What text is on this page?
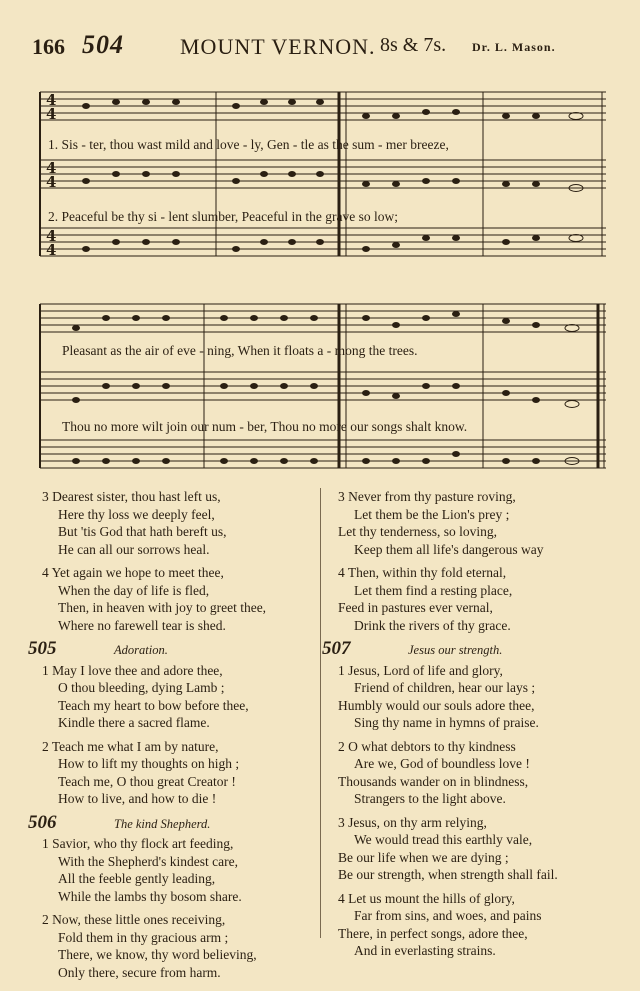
166 504	MOUNT VERNON. 8s & 7s. Dr. L. Mason.
4
4
4
4
4
4
1. Sis - ter, thou wast mild and love - ly, Gen - tle as the sum - mer breeze,
2. Peaceful be thy si - lent slumber, Peaceful in the grave so low;
Pleasant as the air of eve - ning, When it floats a - mong the trees.
Thou no more wilt join our num - ber, Thou no more our songs shalt know.
3 Dearest sister, thou hast left us,
Here thy loss we deeply feel,
But 'tis God that hath bereft us,
He can all our sorrows heal.
4 Yet again we hope to meet thee,
When the day of life is fled,
Then, in heaven with joy to greet thee,
Where no farewell tear is shed.
505	Adoration.
1 May I love thee and adore thee,
O thou bleeding, dying Lamb ;
Teach my heart to bow before thee,
Kindle there a sacred flame.
2 Teach me what I am by nature,
How to lift my thoughts on high ;
Teach me, O thou great Creator !
How to live, and how to die !
506	The kind Shepherd.
1 Savior, who thy flock art feeding,
With the Shepherd's kindest care,
All the feeble gently leading,
While the lambs thy bosom share.
2 Now, these little ones receiving,
Fold them in thy gracious arm ;
There, we know, thy word believing,
Only there, secure from harm.
3 Never from thy pasture roving,
Let them be the Lion's prey ;
Let thy tenderness, so loving,
Keep them all life's dangerous way
4 Then, within thy fold eternal,
Let them find a resting place,
Feed in pastures ever vernal,
Drink the rivers of thy grace.
507	Jesus our strength.
1 Jesus, Lord of life and glory,
Friend of children, hear our lays ;
Humbly would our souls adore thee,
Sing thy name in hymns of praise.
2 O what debtors to thy kindness
Are we, God of boundless love !
Thousands wander on in blindness,
Strangers to the light above.
3 Jesus, on thy arm relying,
We would tread this earthly vale,
Be our life when we are dying ;
Be our strength, when strength shall fail.
4 Let us mount the hills of glory,
Far from sins, and woes, and pains
There, in perfect songs, adore thee,
And in everlasting strains.
